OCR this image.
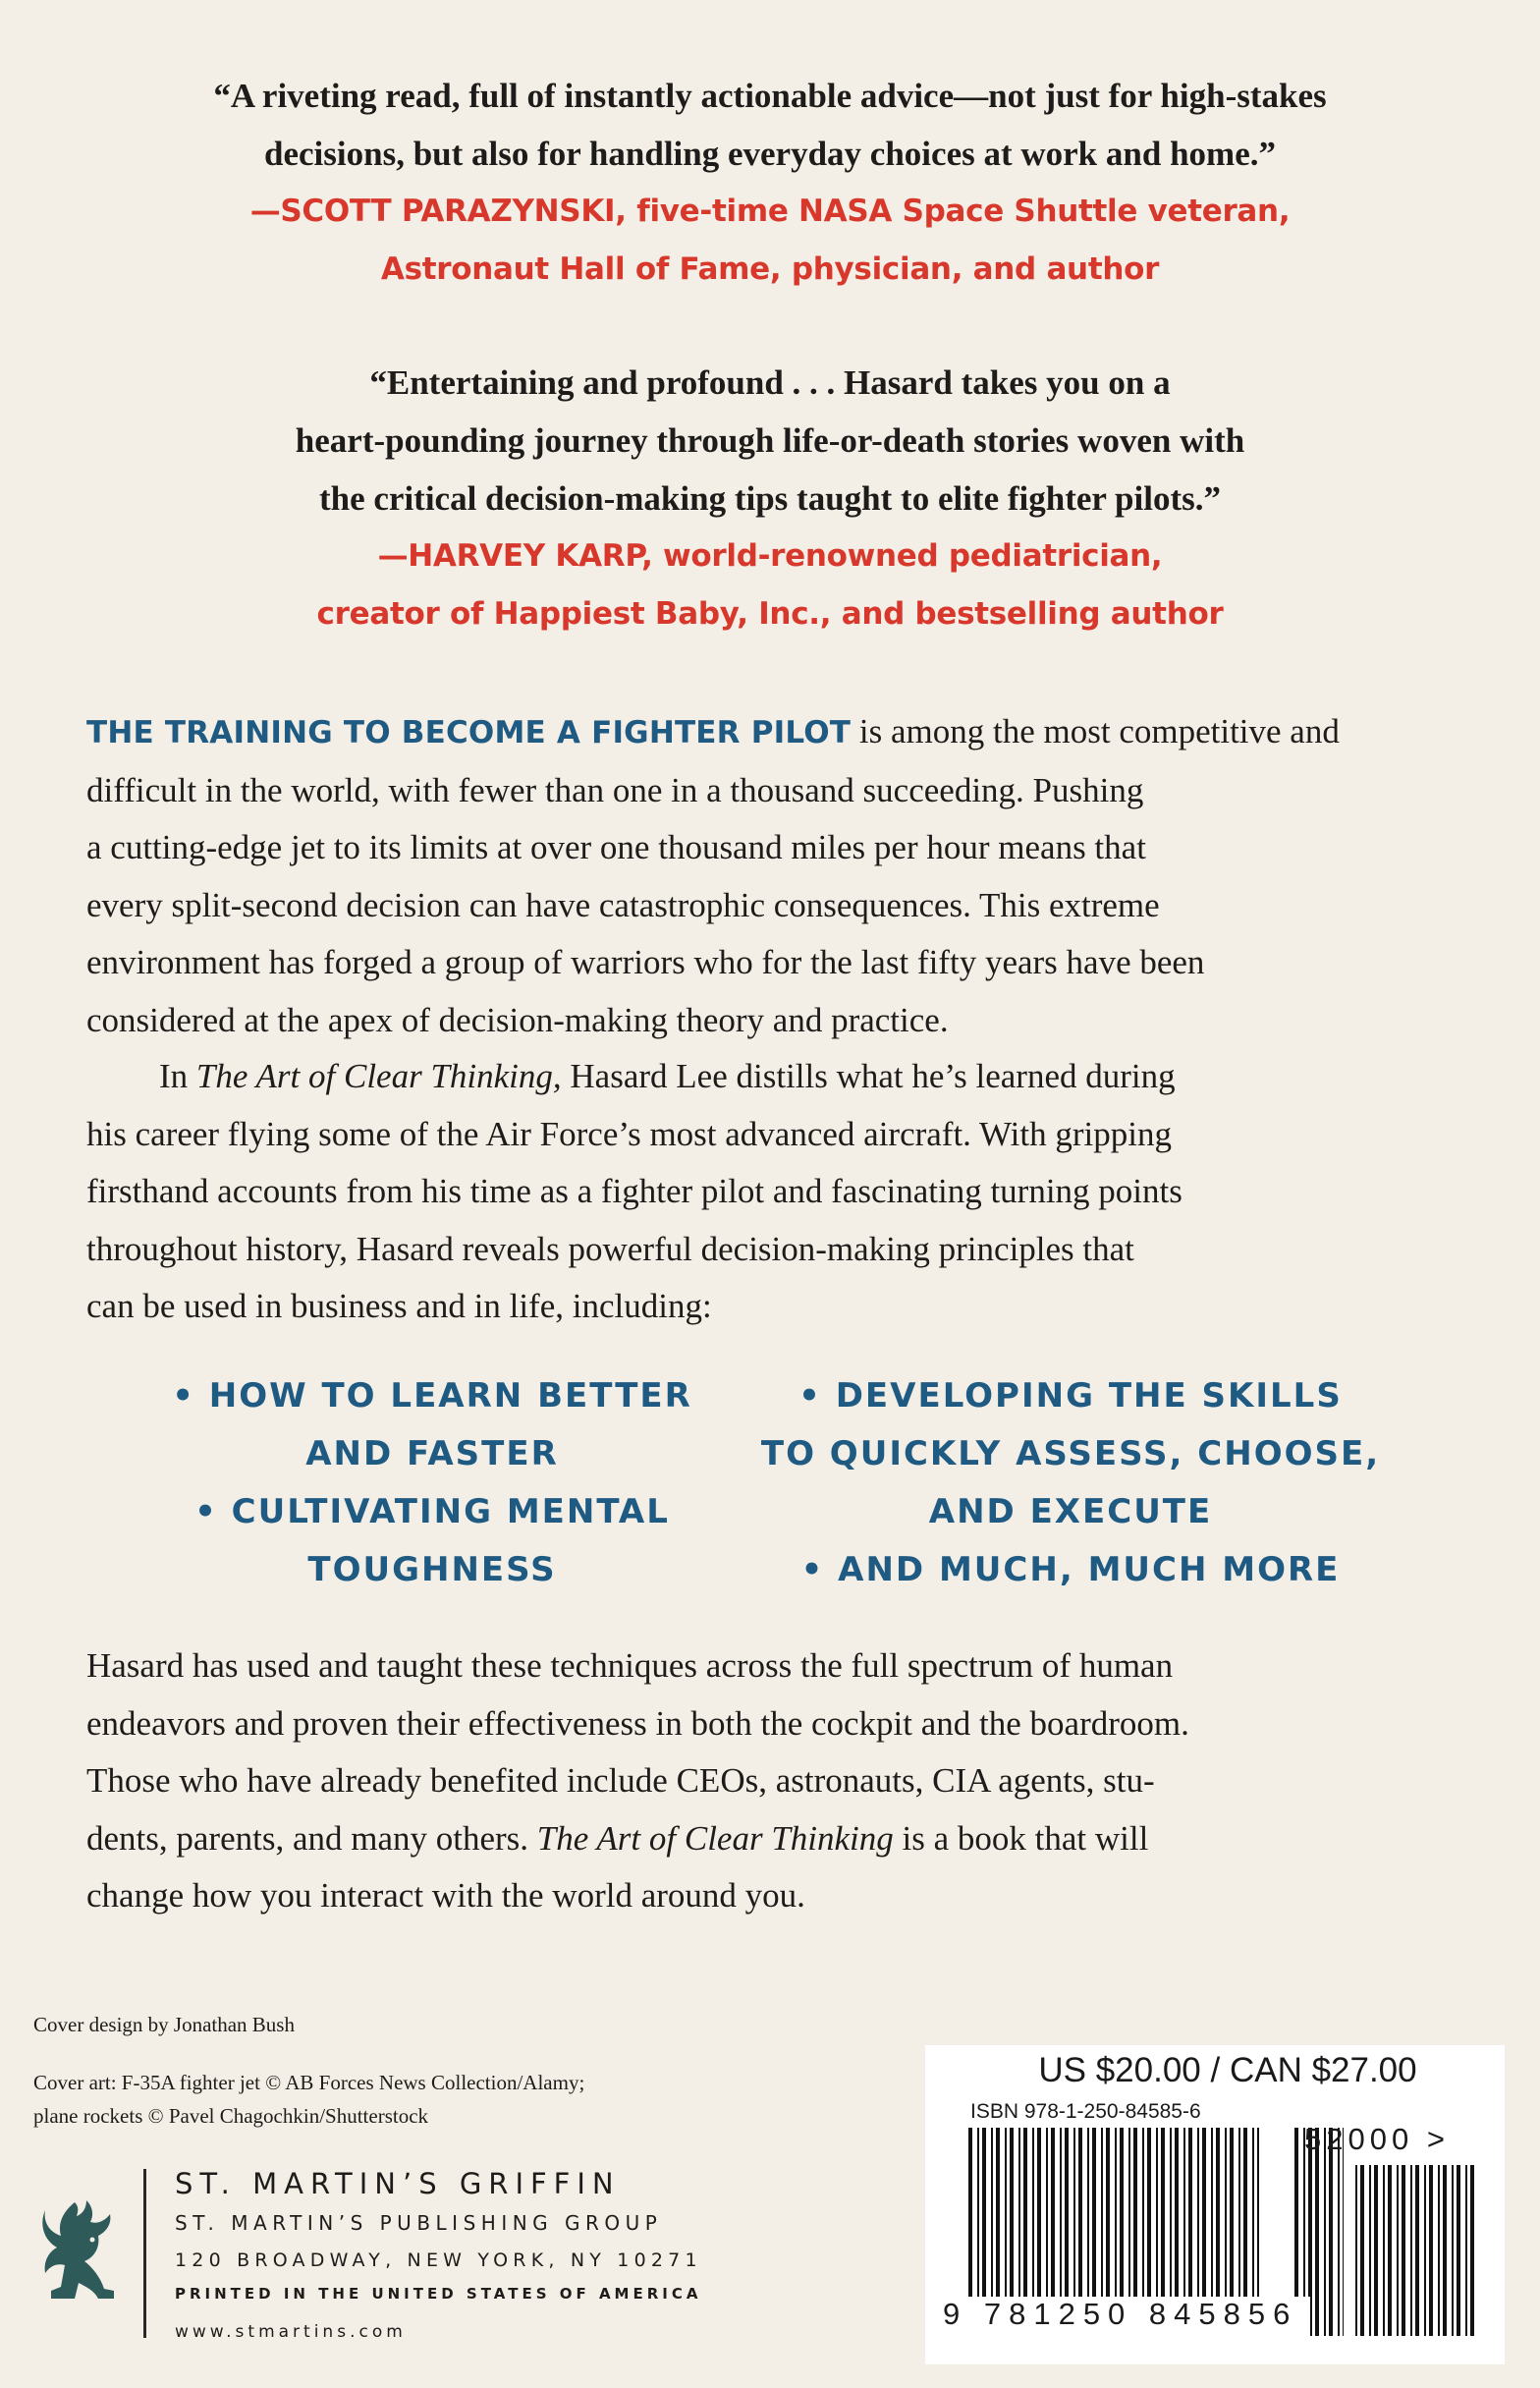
“A riveting read, full of instantly actionable advice—not just for high-stakes
decisions, but also for handling everyday choices at work and home.”
—SCOTT PARAZYNSKI, five-time NASA Space Shuttle veteran,
Astronaut Hall of Fame, physician, and author
“Entertaining and profound . . . Hasard takes you on a
heart-pounding journey through life-or-death stories woven with
the critical decision-making tips taught to elite fighter pilots.”
—HARVEY KARP, world-renowned pediatrician,
creator of Happiest Baby, Inc., and bestselling author
THE TRAINING TO BECOME A FIGHTER PILOT is among the most competitive and
difficult in the world, with fewer than one in a thousand succeeding. Pushing
a cutting-edge jet to its limits at over one thousand miles per hour means that
every split-second decision can have catastrophic consequences. This extreme
environment has forged a group of warriors who for the last fifty years have been
considered at the apex of decision-making theory and practice.
In The Art of Clear Thinking, Hasard Lee distills what he’s learned during
his career flying some of the Air Force’s most advanced aircraft. With gripping
firsthand accounts from his time as a fighter pilot and fascinating turning points
throughout history, Hasard reveals powerful decision-making principles that
can be used in business and in life, including:
• HOW TO LEARN BETTER
AND FASTER
• CULTIVATING MENTAL
TOUGHNESS
• DEVELOPING THE SKILLS
TO QUICKLY ASSESS, CHOOSE,
AND EXECUTE
• AND MUCH, MUCH MORE
Hasard has used and taught these techniques across the full spectrum of human
endeavors and proven their effectiveness in both the cockpit and the boardroom.
Those who have already benefited include CEOs, astronauts, CIA agents, stu-
dents, parents, and many others. The Art of Clear Thinking is a book that will
change how you interact with the world around you.
Cover design by Jonathan Bush
Cover art: F-35A fighter jet © AB Forces News Collection/Alamy;
plane rockets © Pavel Chagochkin/Shutterstock
ST. MARTIN’S GRIFFIN
ST. MARTIN’S PUBLISHING GROUP
120 BROADWAY, NEW YORK, NY 10271
PRINTED IN THE UNITED STATES OF AMERICA
www.stmartins.com
US $20.00 / CAN $27.00
ISBN 978-1-250-84585-6
52000 >
9 781250 845856
